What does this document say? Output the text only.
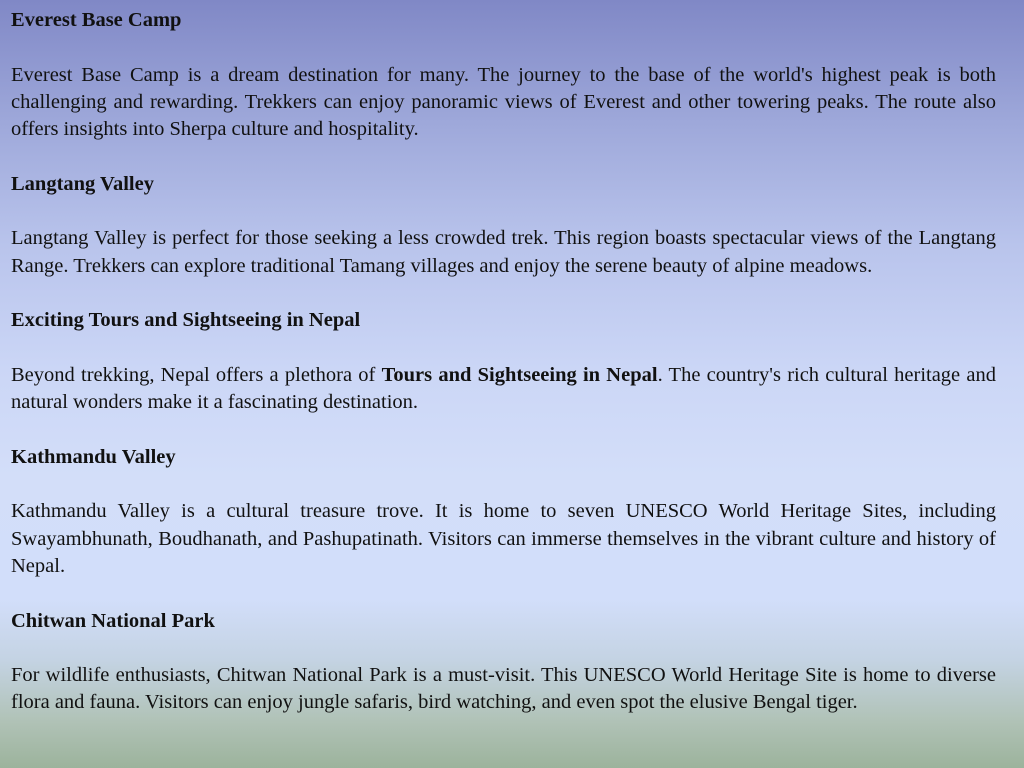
Everest Base Camp

Everest Base Camp is a dream destination for many. The journey to the base of the world's highest peak is both challenging and rewarding. Trekkers can enjoy panoramic views of Everest and other towering peaks. The route also offers insights into Sherpa culture and hospitality.

Langtang Valley

Langtang Valley is perfect for those seeking a less crowded trek. This region boasts spectacular views of the Langtang Range. Trekkers can explore traditional Tamang villages and enjoy the serene beauty of alpine meadows.

Exciting Tours and Sightseeing in Nepal

Beyond trekking, Nepal offers a plethora of Tours and Sightseeing in Nepal. The country's rich cultural heritage and natural wonders make it a fascinating destination.

Kathmandu Valley

Kathmandu Valley is a cultural treasure trove. It is home to seven UNESCO World Heritage Sites, including Swayambhunath, Boudhanath, and Pashupatinath. Visitors can immerse themselves in the vibrant culture and history of Nepal.

Chitwan National Park

For wildlife enthusiasts, Chitwan National Park is a must-visit. This UNESCO World Heritage Site is home to diverse flora and fauna. Visitors can enjoy jungle safaris, bird watching, and even spot the elusive Bengal tiger.
